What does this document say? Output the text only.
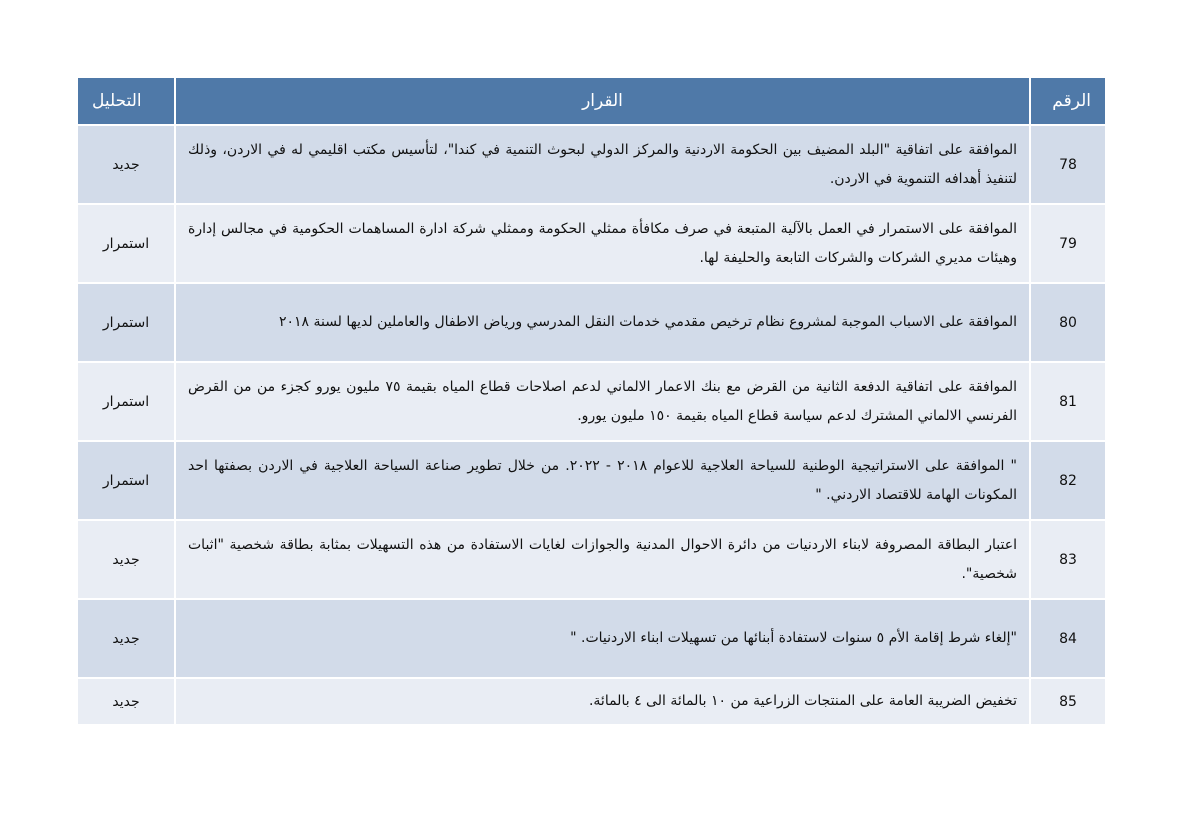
الرقم	القرار	التحليل
78	الموافقة على اتفاقية "البلد المضيف بين الحكومة الاردنية والمركز الدولي لبحوث التنمية في كندا"، لتأسيس مكتب اقليمي له في الاردن، وذلك لتنفيذ أهدافه التنموية في الاردن.	جديد
79	الموافقة على الاستمرار في العمل بالآلية المتبعة في صرف مكافأة ممثلي الحكومة وممثلي شركة ادارة المساهمات الحكومية في مجالس إدارة وهيئات مديري الشركات والشركات التابعة والحليفة لها.	استمرار
80	الموافقة على الاسباب الموجبة لمشروع نظام ترخيص مقدمي خدمات النقل المدرسي ورياض الاطفال والعاملين لديها لسنة ٢٠١٨	استمرار
81	الموافقة على اتفاقية الدفعة الثانية من القرض مع بنك الاعمار الالماني لدعم اصلاحات قطاع المياه بقيمة ٧٥ مليون يورو كجزء من من القرض الفرنسي الالماني المشترك لدعم سياسة قطاع المياه بقيمة ١٥٠ مليون يورو.	استمرار
82	" الموافقة على الاستراتيجية الوطنية للسياحة العلاجية للاعوام ٢٠١٨ - ٢٠٢٢. من خلال تطوير صناعة السياحة العلاجية في الاردن بصفتها احد المكونات الهامة للاقتصاد الاردني. "	استمرار
83	اعتبار البطاقة المصروفة لابناء الاردنيات من دائرة الاحوال المدنية والجوازات لغايات الاستفادة من هذه التسهيلات بمثابة بطاقة شخصية "اثبات شخصية".	جديد
84	"إلغاء شرط إقامة الأم ٥ سنوات لاستفادة أبنائها من تسهيلات ابناء الاردنيات. "	جديد
85	تخفيض الضريبة العامة على المنتجات الزراعية من ١٠ بالمائة الى ٤ بالمائة.	جديد
